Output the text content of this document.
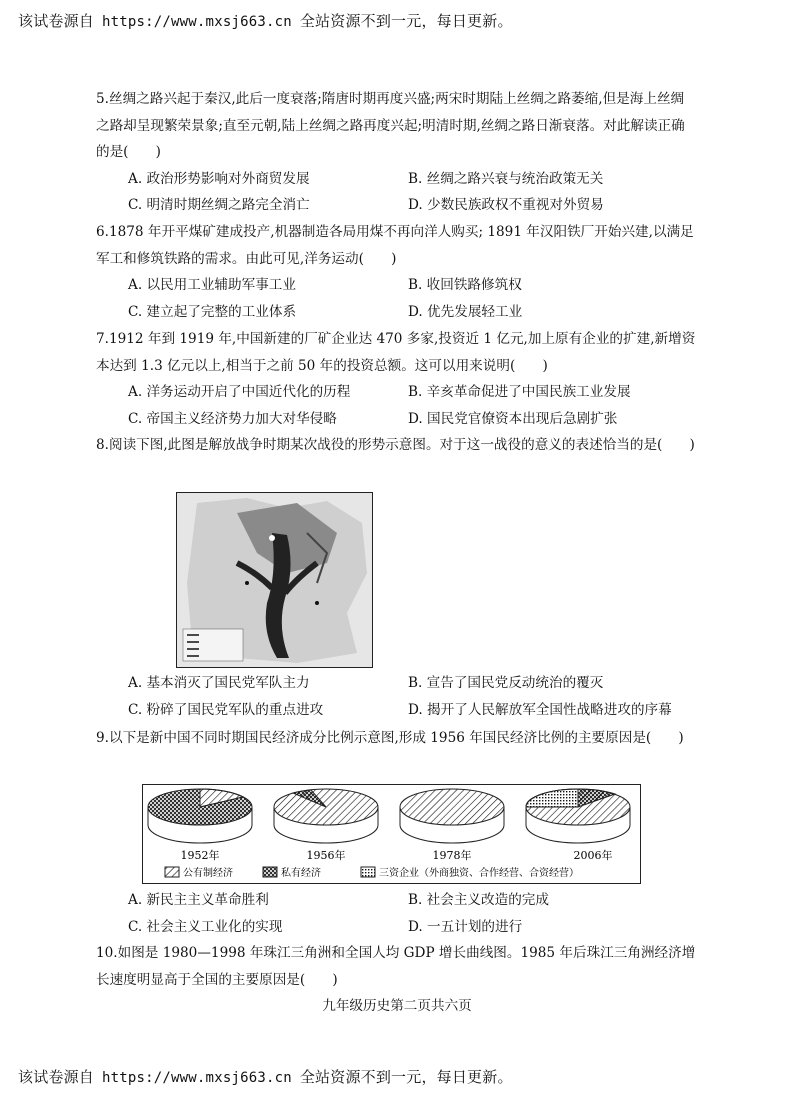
该试卷源自 https://www.mxsj663.cn 全站资源不到一元，每日更新。
5.丝绸之路兴起于秦汉,此后一度衰落;隋唐时期再度兴盛;两宋时期陆上丝绸之路萎缩,但是海上丝绸之路却呈现繁荣景象;直至元朝,陆上丝绸之路再度兴起;明清时期,丝绸之路日渐衰落。对此解读正确的是(　　)
A. 政治形势影响对外商贸发展	B. 丝绸之路兴衰与统治政策无关
C. 明清时期丝绸之路完全消亡	D. 少数民族政权不重视对外贸易
6.1878 年开平煤矿建成投产,机器制造各局用煤不再向洋人购买; 1891 年汉阳铁厂开始兴建,以满足军工和修筑铁路的需求。由此可见,洋务运动(　　)
A. 以民用工业辅助军事工业	B. 收回铁路修筑权
C. 建立起了完整的工业体系	D. 优先发展轻工业
7.1912 年到 1919 年,中国新建的厂矿企业达 470 多家,投资近 1 亿元,加上原有企业的扩建,新增资本达到 1.3 亿元以上,相当于之前 50 年的投资总额。这可以用来说明(　　)
A. 洋务运动开启了中国近代化的历程	B. 辛亥革命促进了中国民族工业发展
C. 帝国主义经济势力加大对华侵略	D. 国民党官僚资本出现后急剧扩张
8.阅读下图,此图是解放战争时期某次战役的形势示意图。对于这一战役的意义的表述恰当的是(　　)
A. 基本消灭了国民党军队主力	B. 宣告了国民党反动统治的覆灭
C. 粉碎了国民党军队的重点进攻	D. 揭开了人民解放军全国性战略进攻的序幕
9.以下是新中国不同时期国民经济成分比例示意图,形成 1956 年国民经济比例的主要原因是(　　)
1952年	1956年	1978年	2006年
公有制经济	私有经济	三资企业（外商独资、合作经营、合资经营）
A. 新民主主义革命胜利	B. 社会主义改造的完成
C. 社会主义工业化的实现	D. 一五计划的进行
10.如图是 1980—1998 年珠江三角洲和全国人均 GDP 增长曲线图。1985 年后珠江三角洲经济增长速度明显高于全国的主要原因是(　　)
九年级历史第二页共六页
该试卷源自 https://www.mxsj663.cn 全站资源不到一元，每日更新。
